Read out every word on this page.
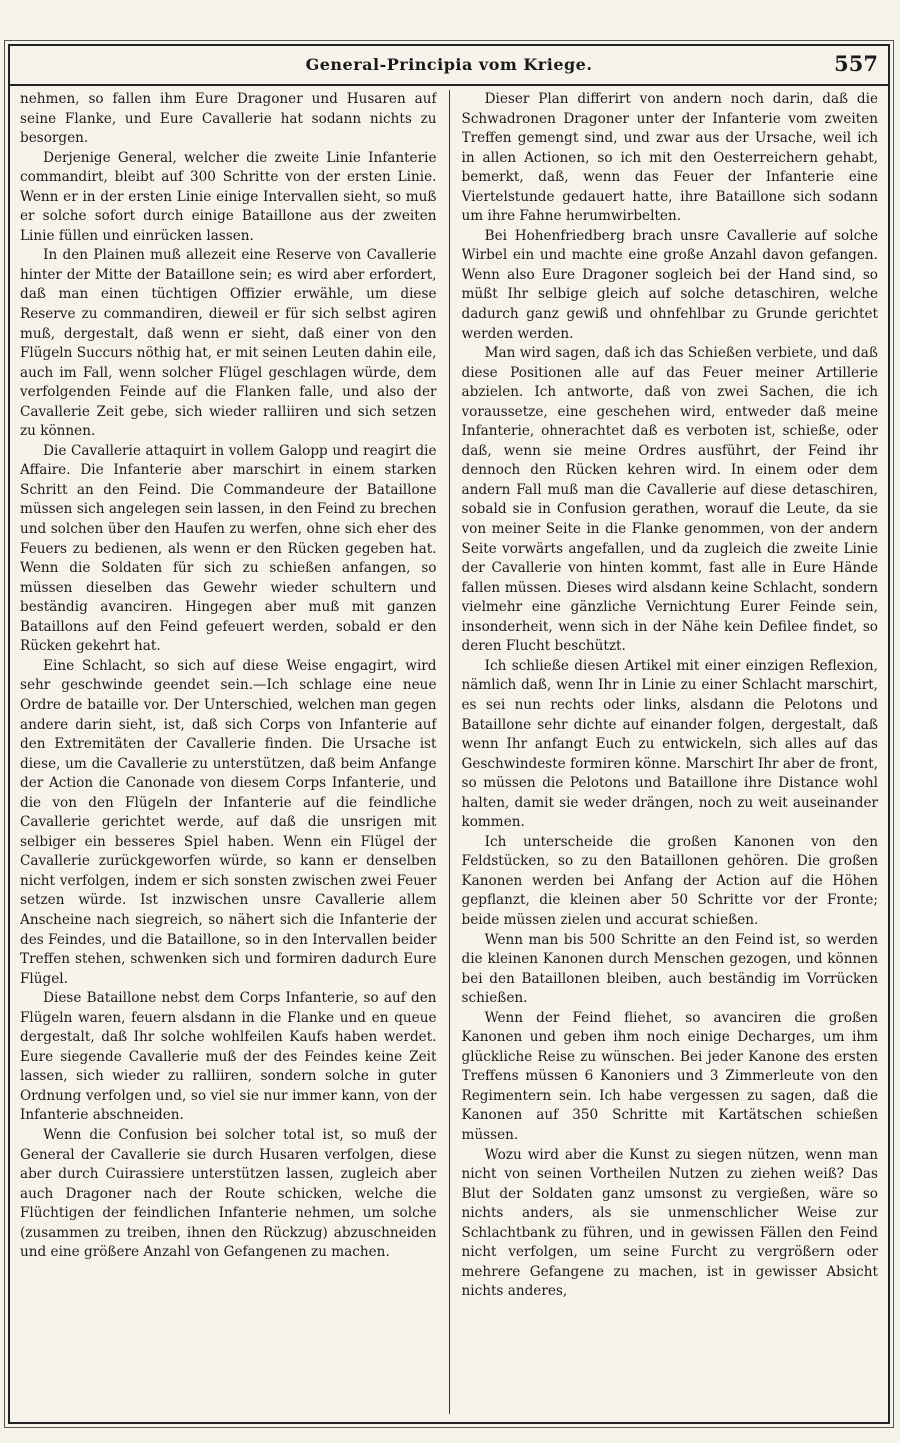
General-Principia vom Kriege.	557

nehmen, so fallen ihm Eure Dragoner und Husaren auf seine Flanke, und Eure Cavallerie hat sodann nichts zu besorgen.

Derjenige General, welcher die zweite Linie Infanterie commandirt, bleibt auf 300 Schritte von der ersten Linie. Wenn er in der ersten Linie einige Intervallen sieht, so muß er solche sofort durch einige Bataillone aus der zweiten Linie füllen und einrücken lassen.

In den Plainen muß allezeit eine Reserve von Cavallerie hinter der Mitte der Bataillone sein; es wird aber erfordert, daß man einen tüchtigen Offizier erwähle, um diese Reserve zu commandiren, dieweil er für sich selbst agiren muß, dergestalt, daß wenn er sieht, daß einer von den Flügeln Succurs nöthig hat, er mit seinen Leuten dahin eile, auch im Fall, wenn solcher Flügel geschlagen würde, dem verfolgenden Feinde auf die Flanken falle, und also der Cavallerie Zeit gebe, sich wieder ralliiren und sich setzen zu können.

Die Cavallerie attaquirt in vollem Galopp und reagirt die Affaire. Die Infanterie aber marschirt in einem starken Schritt an den Feind. Die Commandeure der Bataillone müssen sich angelegen sein lassen, in den Feind zu brechen und solchen über den Haufen zu werfen, ohne sich eher des Feuers zu bedienen, als wenn er den Rücken gegeben hat. Wenn die Soldaten für sich zu schießen anfangen, so müssen dieselben das Gewehr wieder schultern und beständig avanciren. Hingegen aber muß mit ganzen Bataillons auf den Feind gefeuert werden, sobald er den Rücken gekehrt hat.

Eine Schlacht, so sich auf diese Weise engagirt, wird sehr geschwinde geendet sein.—Ich schlage eine neue Ordre de bataille vor. Der Unterschied, welchen man gegen andere darin sieht, ist, daß sich Corps von Infanterie auf den Extremitäten der Cavallerie finden. Die Ursache ist diese, um die Cavallerie zu unterstützen, daß beim Anfange der Action die Canonade von diesem Corps Infanterie, und die von den Flügeln der Infanterie auf die feindliche Cavallerie gerichtet werde, auf daß die unsrigen mit selbiger ein besseres Spiel haben. Wenn ein Flügel der Cavallerie zurückgeworfen würde, so kann er denselben nicht verfolgen, indem er sich sonsten zwischen zwei Feuer setzen würde. Ist inzwischen unsre Cavallerie allem Anscheine nach siegreich, so nähert sich die Infanterie der des Feindes, und die Bataillone, so in den Intervallen beider Treffen stehen, schwenken sich und formiren dadurch Eure Flügel.

Diese Bataillone nebst dem Corps Infanterie, so auf den Flügeln waren, feuern alsdann in die Flanke und en queue dergestalt, daß Ihr solche wohlfeilen Kaufs haben werdet. Eure siegende Cavallerie muß der des Feindes keine Zeit lassen, sich wieder zu ralliiren, sondern solche in guter Ordnung verfolgen und, so viel sie nur immer kann, von der Infanterie abschneiden.

Wenn die Confusion bei solcher total ist, so muß der General der Cavallerie sie durch Husaren verfolgen, diese aber durch Cuirassiere unterstützen lassen, zugleich aber auch Dragoner nach der Route schicken, welche die Flüchtigen der feindlichen Infanterie nehmen, um solche (zusammen zu treiben, ihnen den Rückzug) abzuschneiden und eine größere Anzahl von Gefangenen zu machen.

Dieser Plan differirt von andern noch darin, daß die Schwadronen Dragoner unter der Infanterie vom zweiten Treffen gemengt sind, und zwar aus der Ursache, weil ich in allen Actionen, so ich mit den Oesterreichern gehabt, bemerkt, daß, wenn das Feuer der Infanterie eine Viertelstunde gedauert hatte, ihre Bataillone sich sodann um ihre Fahne herumwirbelten.

Bei Hohenfriedberg brach unsre Cavallerie auf solche Wirbel ein und machte eine große Anzahl davon gefangen. Wenn also Eure Dragoner sogleich bei der Hand sind, so müßt Ihr selbige gleich auf solche detaschiren, welche dadurch ganz gewiß und ohnfehlbar zu Grunde gerichtet werden werden.

Man wird sagen, daß ich das Schießen verbiete, und daß diese Positionen alle auf das Feuer meiner Artillerie abzielen. Ich antworte, daß von zwei Sachen, die ich voraussetze, eine geschehen wird, entweder daß meine Infanterie, ohnerachtet daß es verboten ist, schieße, oder daß, wenn sie meine Ordres ausführt, der Feind ihr dennoch den Rücken kehren wird. In einem oder dem andern Fall muß man die Cavallerie auf diese detaschiren, sobald sie in Confusion gerathen, worauf die Leute, da sie von meiner Seite in die Flanke genommen, von der andern Seite vorwärts angefallen, und da zugleich die zweite Linie der Cavallerie von hinten kommt, fast alle in Eure Hände fallen müssen. Dieses wird alsdann keine Schlacht, sondern vielmehr eine gänzliche Vernichtung Eurer Feinde sein, insonderheit, wenn sich in der Nähe kein Defilee findet, so deren Flucht beschützt.

Ich schließe diesen Artikel mit einer einzigen Reflexion, nämlich daß, wenn Ihr in Linie zu einer Schlacht marschirt, es sei nun rechts oder links, alsdann die Pelotons und Bataillone sehr dichte auf einander folgen, dergestalt, daß wenn Ihr anfangt Euch zu entwickeln, sich alles auf das Geschwindeste formiren könne. Marschirt Ihr aber de front, so müssen die Pelotons und Bataillone ihre Distance wohl halten, damit sie weder drängen, noch zu weit auseinander kommen.

Ich unterscheide die großen Kanonen von den Feldstücken, so zu den Bataillonen gehören. Die großen Kanonen werden bei Anfang der Action auf die Höhen gepflanzt, die kleinen aber 50 Schritte vor der Fronte; beide müssen zielen und accurat schießen.

Wenn man bis 500 Schritte an den Feind ist, so werden die kleinen Kanonen durch Menschen gezogen, und können bei den Bataillonen bleiben, auch beständig im Vorrücken schießen.

Wenn der Feind fliehet, so avanciren die großen Kanonen und geben ihm noch einige Decharges, um ihm glückliche Reise zu wünschen. Bei jeder Kanone des ersten Treffens müssen 6 Kanoniers und 3 Zimmerleute von den Regimentern sein. Ich habe vergessen zu sagen, daß die Kanonen auf 350 Schritte mit Kartätschen schießen müssen.

Wozu wird aber die Kunst zu siegen nützen, wenn man nicht von seinen Vortheilen Nutzen zu ziehen weiß? Das Blut der Soldaten ganz umsonst zu vergießen, wäre so nichts anders, als sie unmenschlicher Weise zur Schlachtbank zu führen, und in gewissen Fällen den Feind nicht verfolgen, um seine Furcht zu vergrößern oder mehrere Gefangene zu machen, ist in gewisser Absicht nichts anderes,
